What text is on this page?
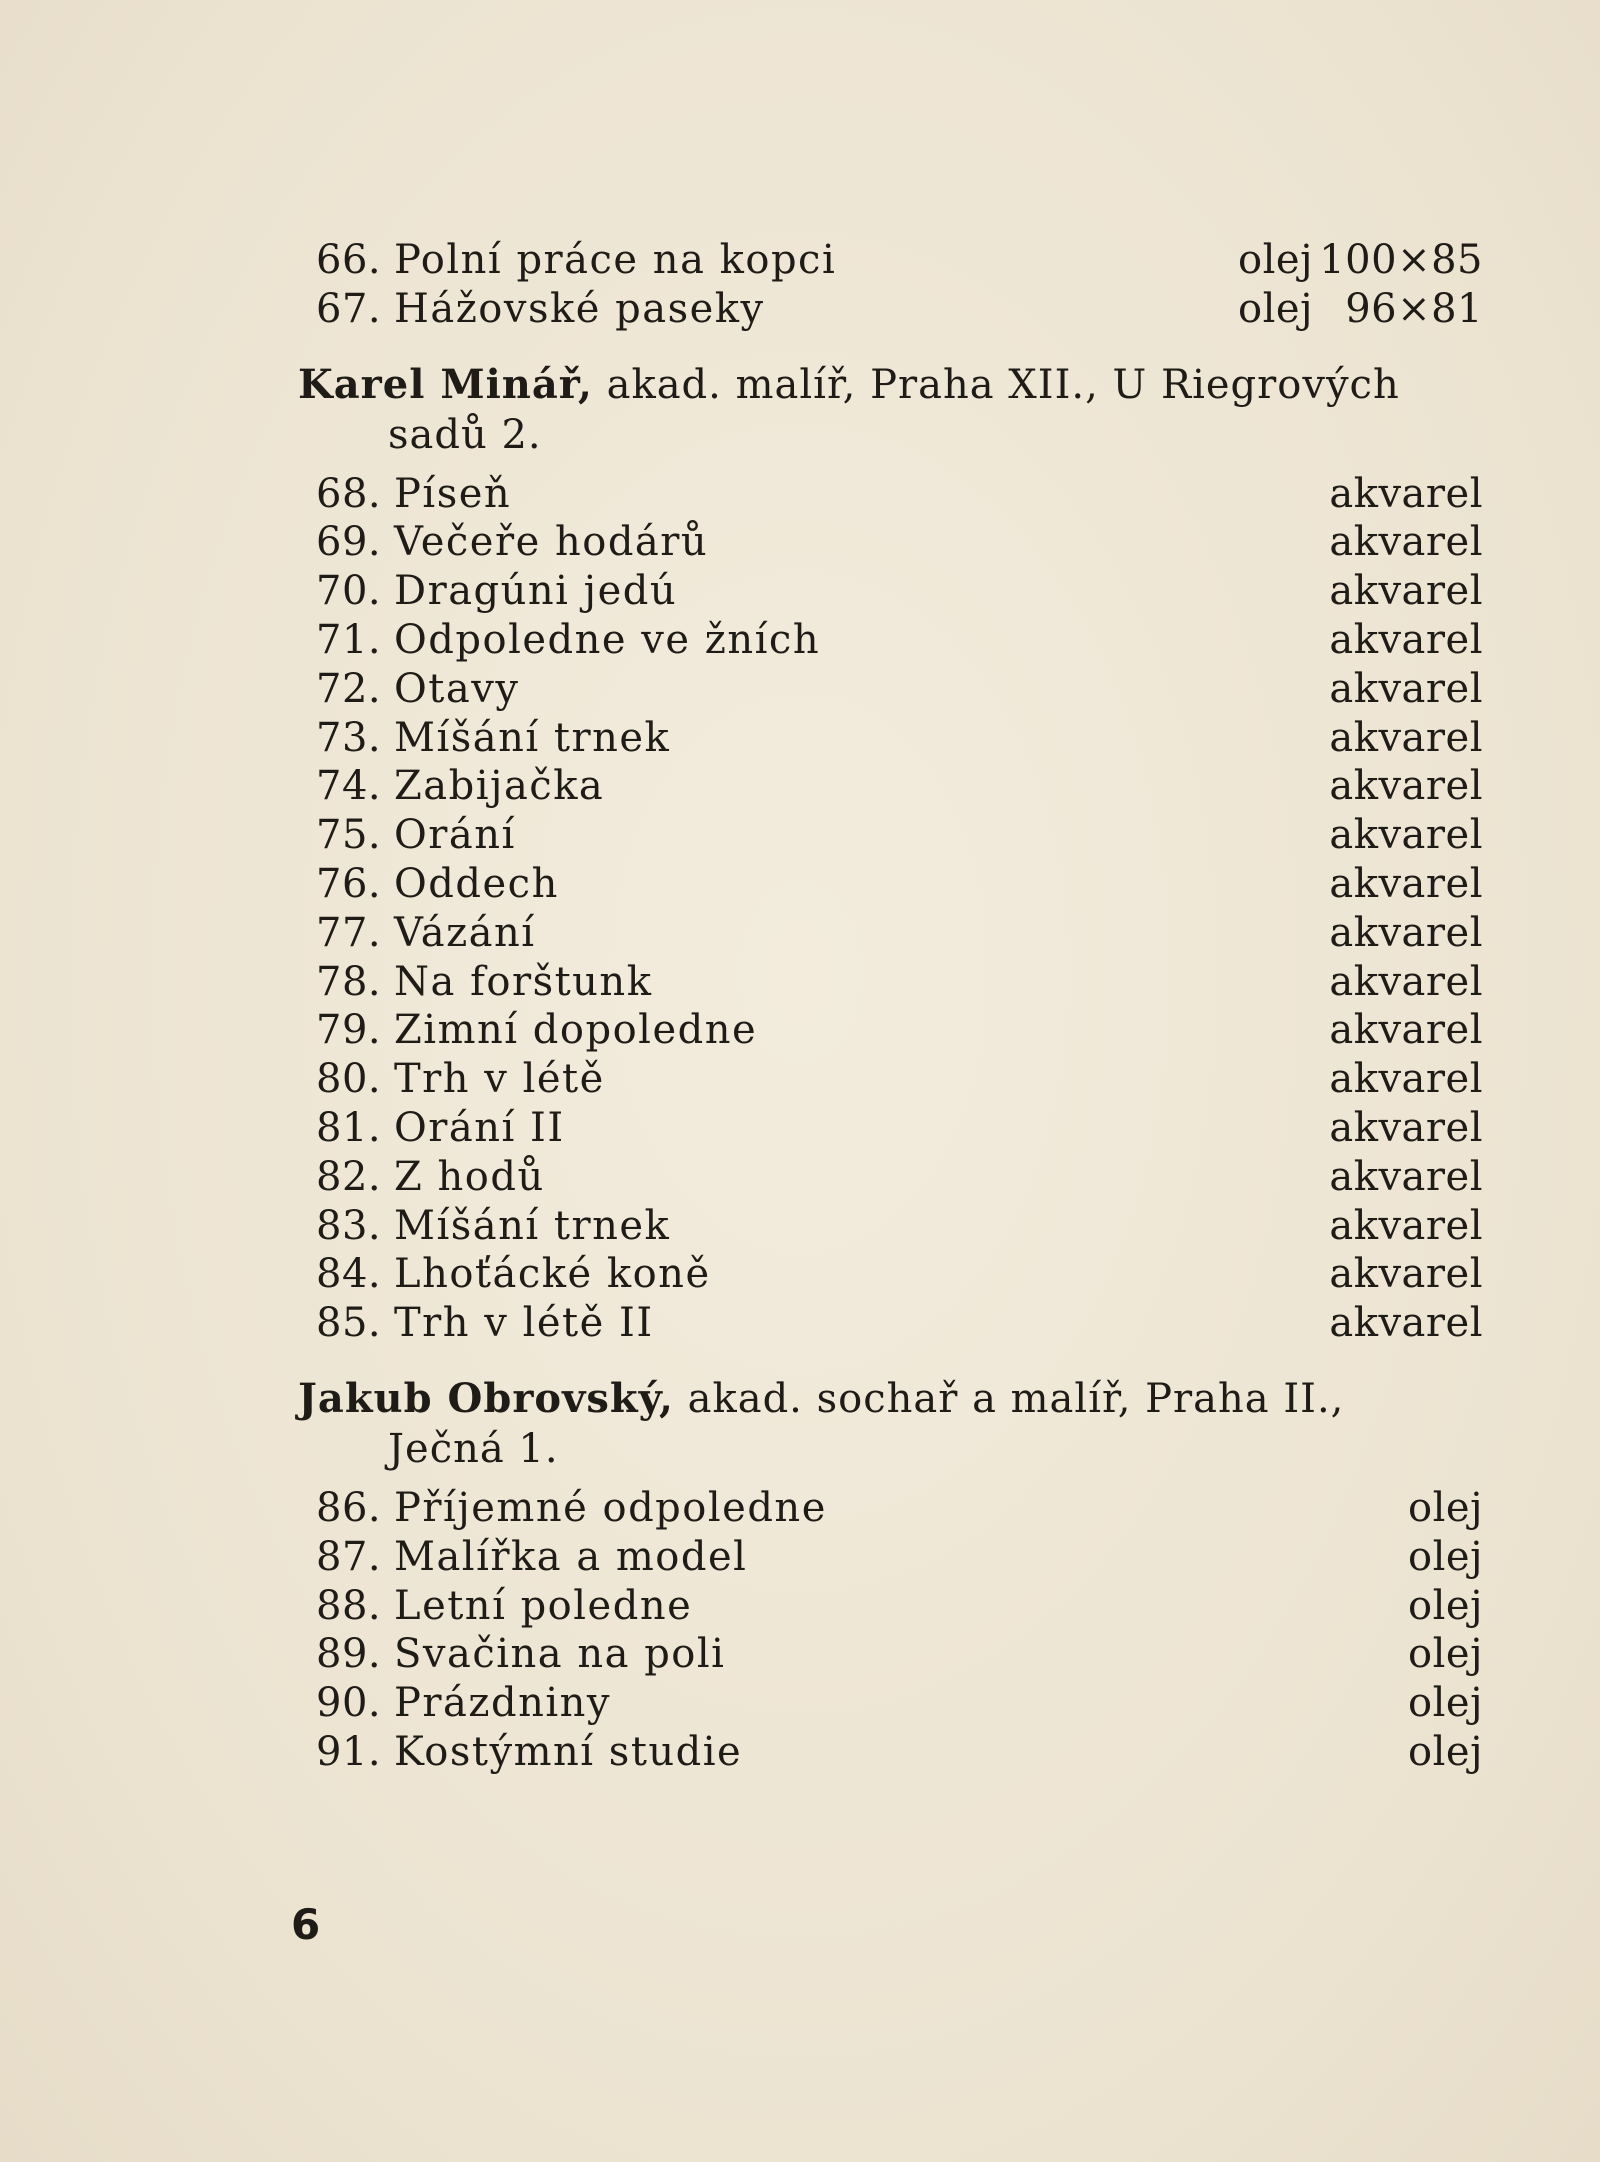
66. Polní práce na kopci	olej 100×85
67. Hážovské paseky	olej 96×81
Karel Minář, akad. malíř, Praha XII., U Riegrových
sadů 2.
68. Píseň	akvarel
69. Večeře hodárů	akvarel
70. Dragúni jedú	akvarel
71. Odpoledne ve žních	akvarel
72. Otavy	akvarel
73. Míšání trnek	akvarel
74. Zabijačka	akvarel
75. Orání	akvarel
76. Oddech	akvarel
77. Vázání	akvarel
78. Na forštunk	akvarel
79. Zimní dopoledne	akvarel
80. Trh v létě	akvarel
81. Orání II	akvarel
82. Z hodů	akvarel
83. Míšání trnek	akvarel
84. Lhoťácké koně	akvarel
85. Trh v létě II	akvarel
Jakub Obrovský, akad. sochař a malíř, Praha II.,
Ječná 1.
86. Příjemné odpoledne	olej
87. Malířka a model	olej
88. Letní poledne	olej
89. Svačina na poli	olej
90. Prázdniny	olej
91. Kostýmní studie	olej
6
